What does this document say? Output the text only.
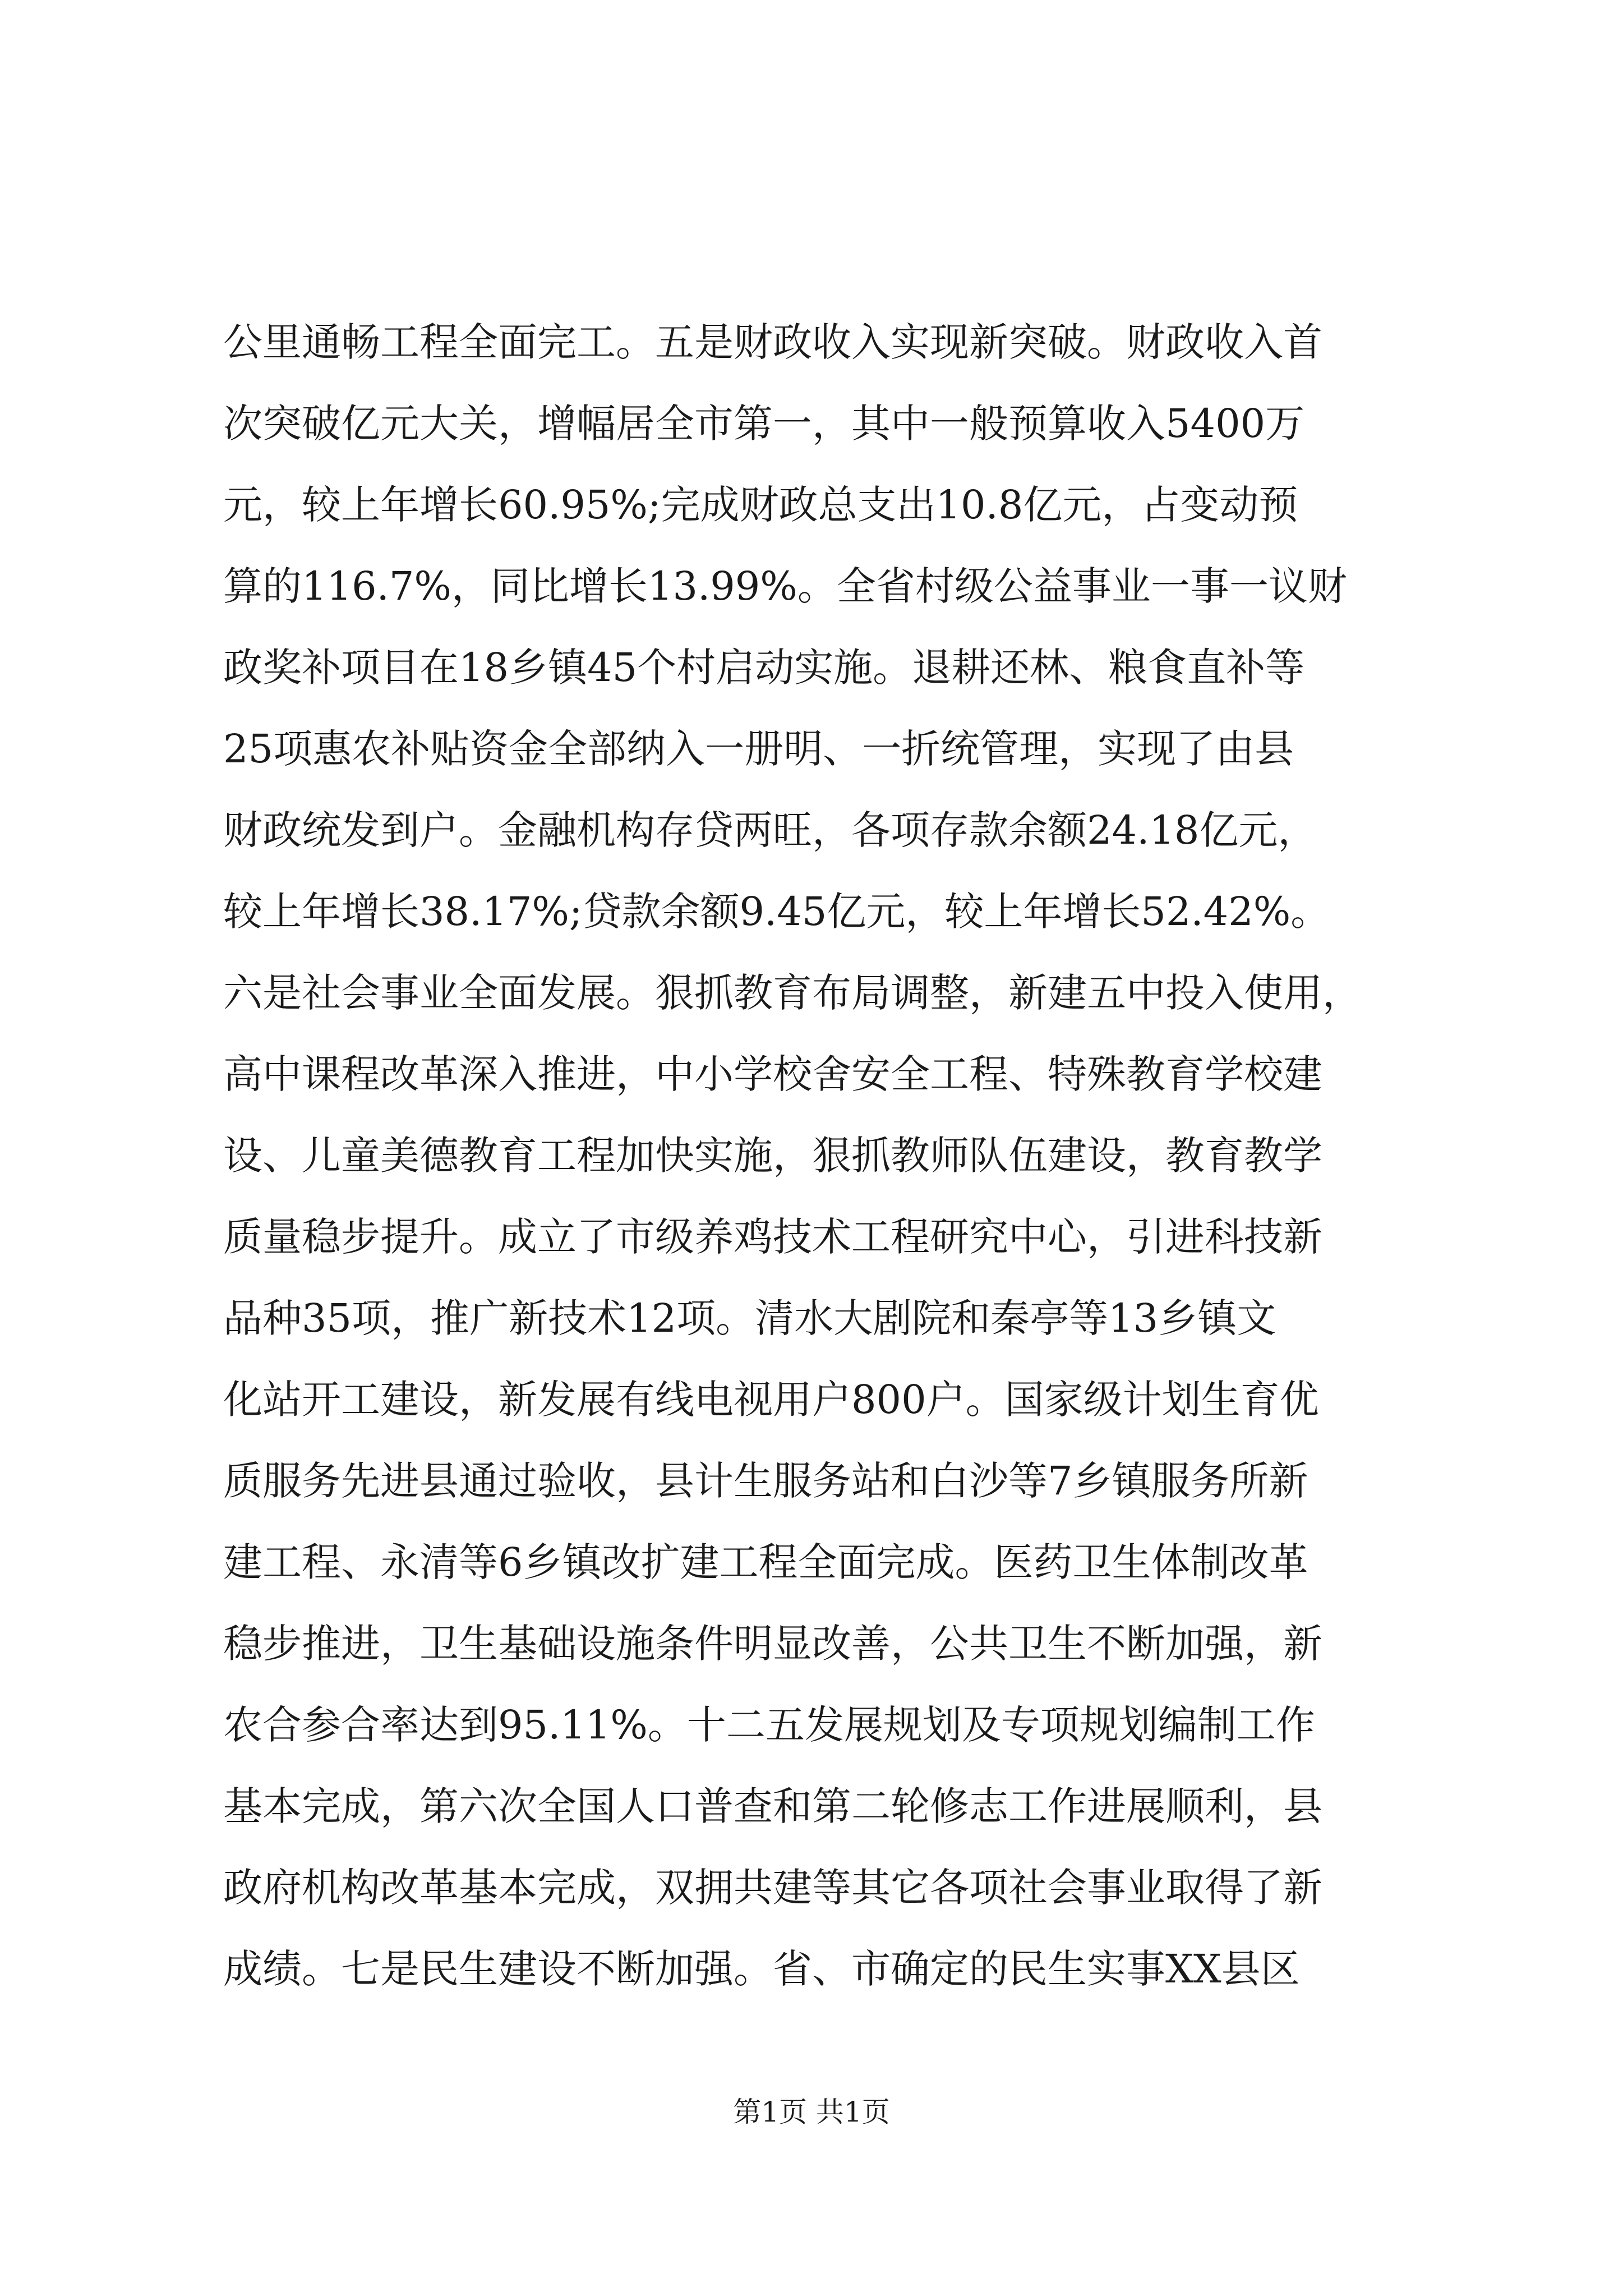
公里通畅工程全面完工。五是财政收入实现新突破。财政收入首
次突破亿元大关，增幅居全市第一，其中一般预算收入5400万
元，较上年增长60.95%;完成财政总支出10.8亿元，占变动预
算的116.7%，同比增长13.99%。全省村级公益事业一事一议财
政奖补项目在18乡镇45个村启动实施。退耕还林、粮食直补等
25项惠农补贴资金全部纳入一册明、一折统管理，实现了由县
财政统发到户。金融机构存贷两旺，各项存款余额24.18亿元，
较上年增长38.17%;贷款余额9.45亿元，较上年增长52.42%。
六是社会事业全面发展。狠抓教育布局调整，新建五中投入使用，
高中课程改革深入推进，中小学校舍安全工程、特殊教育学校建
设、儿童美德教育工程加快实施，狠抓教师队伍建设，教育教学
质量稳步提升。成立了市级养鸡技术工程研究中心，引进科技新
品种35项，推广新技术12项。清水大剧院和秦亭等13乡镇文
化站开工建设，新发展有线电视用户800户。国家级计划生育优
质服务先进县通过验收，县计生服务站和白沙等7乡镇服务所新
建工程、永清等6乡镇改扩建工程全面完成。医药卫生体制改革
稳步推进，卫生基础设施条件明显改善，公共卫生不断加强，新
农合参合率达到95.11%。十二五发展规划及专项规划编制工作
基本完成，第六次全国人口普查和第二轮修志工作进展顺利，县
政府机构改革基本完成，双拥共建等其它各项社会事业取得了新
成绩。七是民生建设不断加强。省、市确定的民生实事XX县区
第1页 共1页
